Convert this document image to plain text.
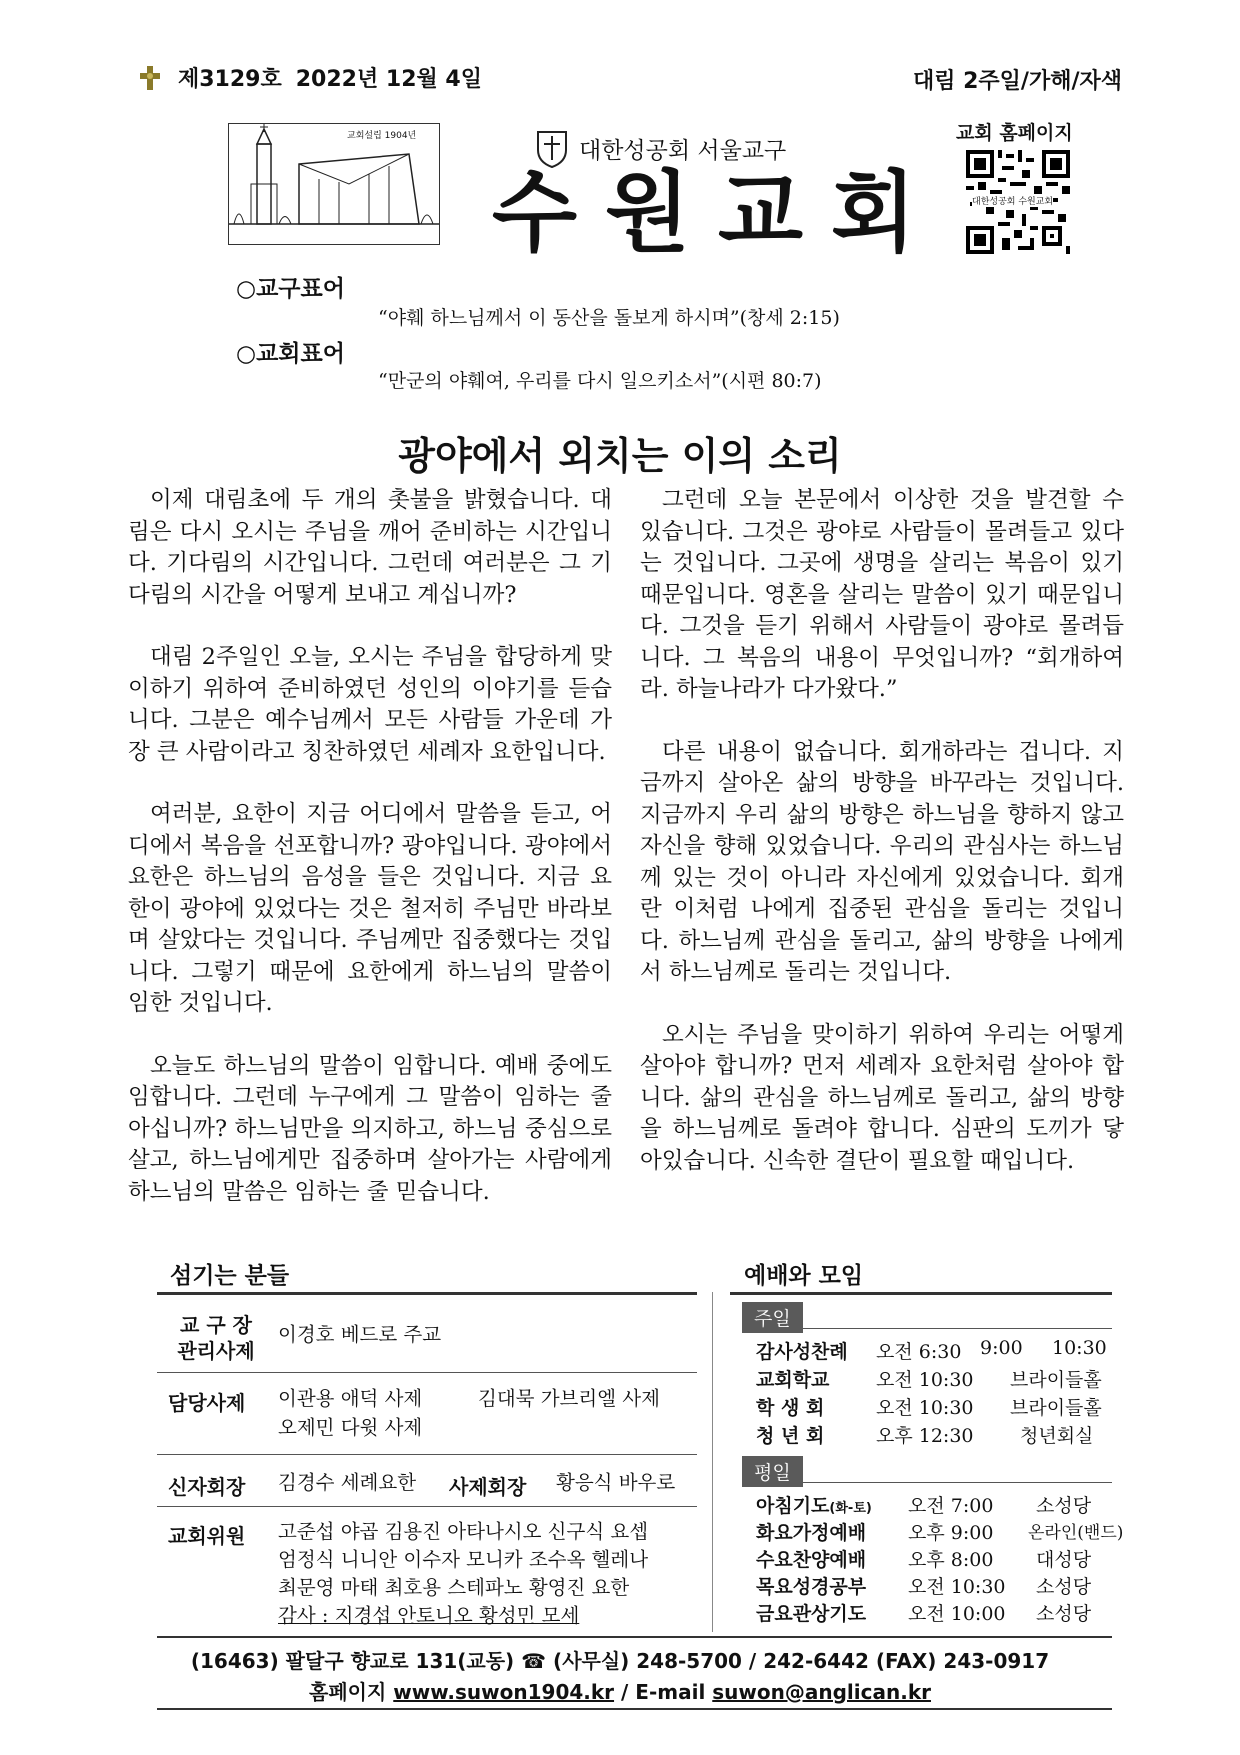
제3129호 2022년 12월 4일	대림 2주일/가해/자색
교회설립 1904년
대한성공회 서울교구
수원교회
교회 홈페이지
대한성공회 수원교회
○교구표어
“야훼 하느님께서 이 동산을 돌보게 하시며”(창세 2:15)
○교회표어
“만군의 야훼여, 우리를 다시 일으키소서”(시편 80:7)
광야에서 외치는 이의 소리

이제 대림초에 두 개의 촛불을 밝혔습니다. 대림은 다시 오시는 주님을 깨어 준비하는 시간입니다. 기다림의 시간입니다. 그런데 여러분은 그 기다림의 시간을 어떻게 보내고 계십니까?

대림 2주일인 오늘, 오시는 주님을 합당하게 맞이하기 위하여 준비하였던 성인의 이야기를 듣습니다. 그분은 예수님께서 모든 사람들 가운데 가장 큰 사람이라고 칭찬하였던 세례자 요한입니다.

여러분, 요한이 지금 어디에서 말씀을 듣고, 어디에서 복음을 선포합니까? 광야입니다. 광야에서 요한은 하느님의 음성을 들은 것입니다. 지금 요한이 광야에 있었다는 것은 철저히 주님만 바라보며 살았다는 것입니다. 주님께만 집중했다는 것입니다. 그렇기 때문에 요한에게 하느님의 말씀이 임한 것입니다.

오늘도 하느님의 말씀이 임합니다. 예배 중에도 임합니다. 그런데 누구에게 그 말씀이 임하는 줄 아십니까? 하느님만을 의지하고, 하느님 중심으로 살고, 하느님에게만 집중하며 살아가는 사람에게 하느님의 말씀은 임하는 줄 믿습니다.

그런데 오늘 본문에서 이상한 것을 발견할 수 있습니다. 그것은 광야로 사람들이 몰려들고 있다는 것입니다. 그곳에 생명을 살리는 복음이 있기 때문입니다. 영혼을 살리는 말씀이 있기 때문입니다. 그것을 듣기 위해서 사람들이 광야로 몰려듭니다. 그 복음의 내용이 무엇입니까? “회개하여라. 하늘나라가 다가왔다.”

다른 내용이 없습니다. 회개하라는 겁니다. 지금까지 살아온 삶의 방향을 바꾸라는 것입니다. 지금까지 우리 삶의 방향은 하느님을 향하지 않고 자신을 향해 있었습니다. 우리의 관심사는 하느님께 있는 것이 아니라 자신에게 있었습니다. 회개란 이처럼 나에게 집중된 관심을 돌리는 것입니다. 하느님께 관심을 돌리고, 삶의 방향을 나에게서 하느님께로 돌리는 것입니다.

오시는 주님을 맞이하기 위하여 우리는 어떻게 살아야 합니까? 먼저 세례자 요한처럼 살아야 합니다. 삶의 관심을 하느님께로 돌리고, 삶의 방향을 하느님께로 돌려야 합니다. 심판의 도끼가 닿아있습니다. 신속한 결단이 필요할 때입니다.

섬기는 분들
교 구 장
관리사제
이경호 베드로 주교
담당사제 이관용 애덕 사제	김대묵 가브리엘 사제
오제민 다윗 사제
신자회장 김경수 세례요한 사제회장 황응식 바우로
교회위원 고준섭 야곱 김용진 아타나시오 신구식 요셉
엄정식 니니안 이수자 모니카 조수옥 헬레나
최문영 마태 최호용 스테파노 황영진 요한
감사 : 지경섭 안토니오 황성민 모세
예배와 모임
주일
감사성찬례 오전 6:30 9:00 10:30
교회학교 오전 10:30 브라이들홀
학 생 회	오전 10:30 브라이들홀
청 년 회	오후 12:30 청년회실
평일
아침기도(화-토) 오전 7:00 소성당
화요가정예배 오후 9:00 온라인(밴드)
수요찬양예배 오후 8:00 대성당
목요성경공부 오전 10:30 소성당
금요관상기도 오전 10:00 소성당
(16463) 팔달구 향교로 131(교동) ☎ (사무실) 248-5700 / 242-6442 (FAX) 243-0917
홈페이지 www.suwon1904.kr / E-mail suwon@anglican.kr
